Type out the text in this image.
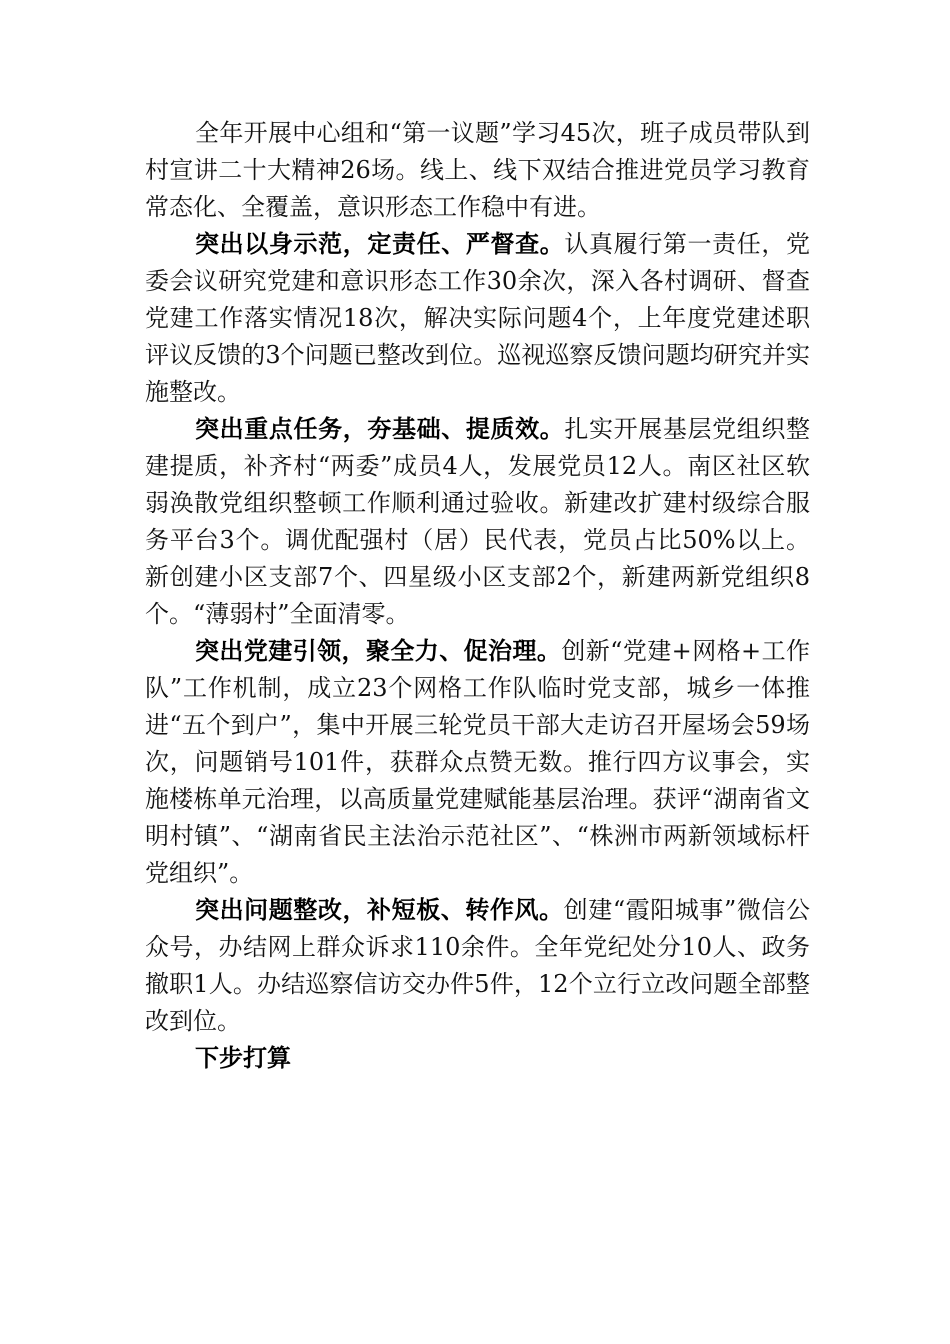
全年开展中心组和“第一议题”学习45次，班子成员带队到村宣讲二十大精神26场。线上、线下双结合推进党员学习教育常态化、全覆盖，意识形态工作稳中有进。

突出以身示范，定责任、严督查。认真履行第一责任，党委会议研究党建和意识形态工作30余次，深入各村调研、督查党建工作落实情况18次，解决实际问题4个，上年度党建述职评议反馈的3个问题已整改到位。巡视巡察反馈问题均研究并实施整改。

突出重点任务，夯基础、提质效。扎实开展基层党组织整建提质，补齐村“两委”成员4人，发展党员12人。南区社区软弱涣散党组织整顿工作顺利通过验收。新建改扩建村级综合服务平台3个。调优配强村（居）民代表，党员占比50%以上。新创建小区支部7个、四星级小区支部2个，新建两新党组织8个。“薄弱村”全面清零。

突出党建引领，聚全力、促治理。创新“党建+网格+工作队”工作机制，成立23个网格工作队临时党支部，城乡一体推进“五个到户”，集中开展三轮党员干部大走访召开屋场会59场次，问题销号101件，获群众点赞无数。推行四方议事会，实施楼栋单元治理，以高质量党建赋能基层治理。获评“湖南省文明村镇”、“湖南省民主法治示范社区”、“株洲市两新领域标杆党组织”。

突出问题整改，补短板、转作风。创建“霞阳城事”微信公众号，办结网上群众诉求110余件。全年党纪处分10人、政务撤职1人。办结巡察信访交办件5件，12个立行立改问题全部整改到位。

下步打算
